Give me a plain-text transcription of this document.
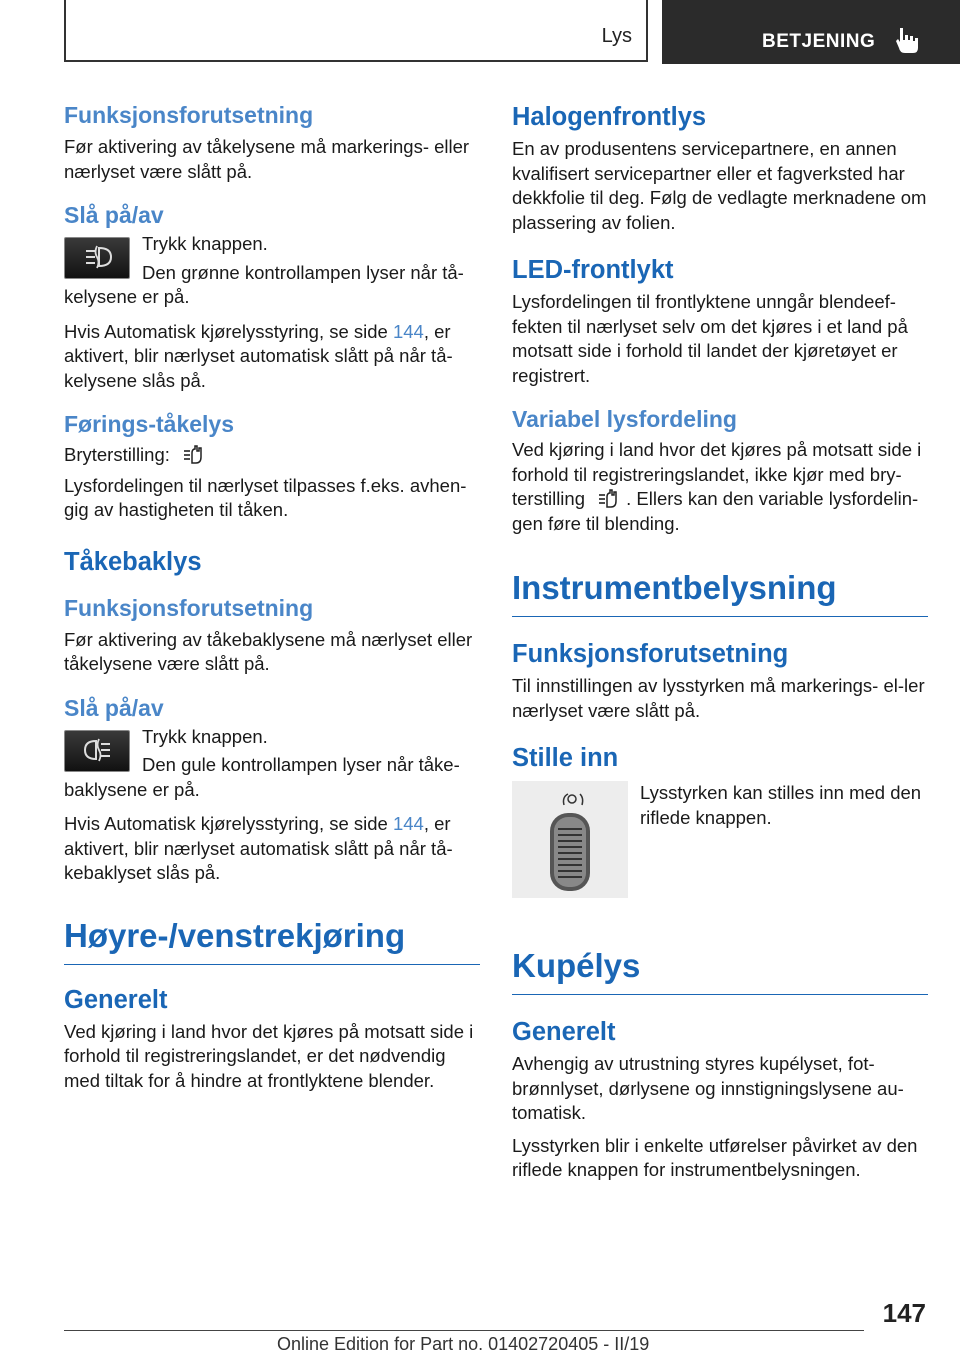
Lys	BETJENING
Funksjonsforutsetning

Før aktivering av tåkelysene må markerings- eller nærlyset være slått på.

Slå på/av

Trykk knappen.

Den grønne kontrollampen lyser når tå-kelysene er på.

Hvis Automatisk kjørelysstyring, se side 144, er aktivert, blir nærlyset automatisk slått på når tå-kelysene slås på.

Førings-tåkelys

Bryterstilling:

Lysfordelingen til nærlyset tilpasses f.eks. avhen-gig av hastigheten til tåken.

Tåkebaklys
Funksjonsforutsetning

Før aktivering av tåkebaklysene må nærlyset eller tåkelysene være slått på.

Slå på/av

Trykk knappen.

Den gule kontrollampen lyser når tåke-baklysene er på.

Hvis Automatisk kjørelysstyring, se side 144, er aktivert, blir nærlyset automatisk slått på når tå-kebaklyset slås på.

Høyre-/venstrekjøring
Generelt

Ved kjøring i land hvor det kjøres på motsatt side i forhold til registreringslandet, er det nødvendig med tiltak for å hindre at frontlyktene blender.

Halogenfrontlys

En av produsentens servicepartnere, en annen kvalifisert servicepartner eller et fagverksted har dekkfolie til deg. Følg de vedlagte merknadene om plassering av folien.

LED-frontlykt

Lysfordelingen til frontlyktene unngår blendeef-fekten til nærlyset selv om det kjøres i et land på motsatt side i forhold til landet der kjøretøyet er registrert.

Variabel lysfordeling

Ved kjøring i land hvor det kjøres på motsatt side i forhold til registreringslandet, ikke kjør med bry-terstilling . Ellers kan den variable lysfordelin-gen føre til blending.

Instrumentbelysning
Funksjonsforutsetning

Til innstillingen av lysstyrken må markerings- el-ler nærlyset være slått på.

Stille inn

Lysstyrken kan stilles inn med den riflede knappen.

Kupélys
Generelt

Avhengig av utrustning styres kupélyset, fot-brønnlyset, dørlysene og innstigningslysene au-tomatisk.

Lysstyrken blir i enkelte utførelser påvirket av den riflede knappen for instrumentbelysningen.

147
Online Edition for Part no. 01402720405 - II/19
